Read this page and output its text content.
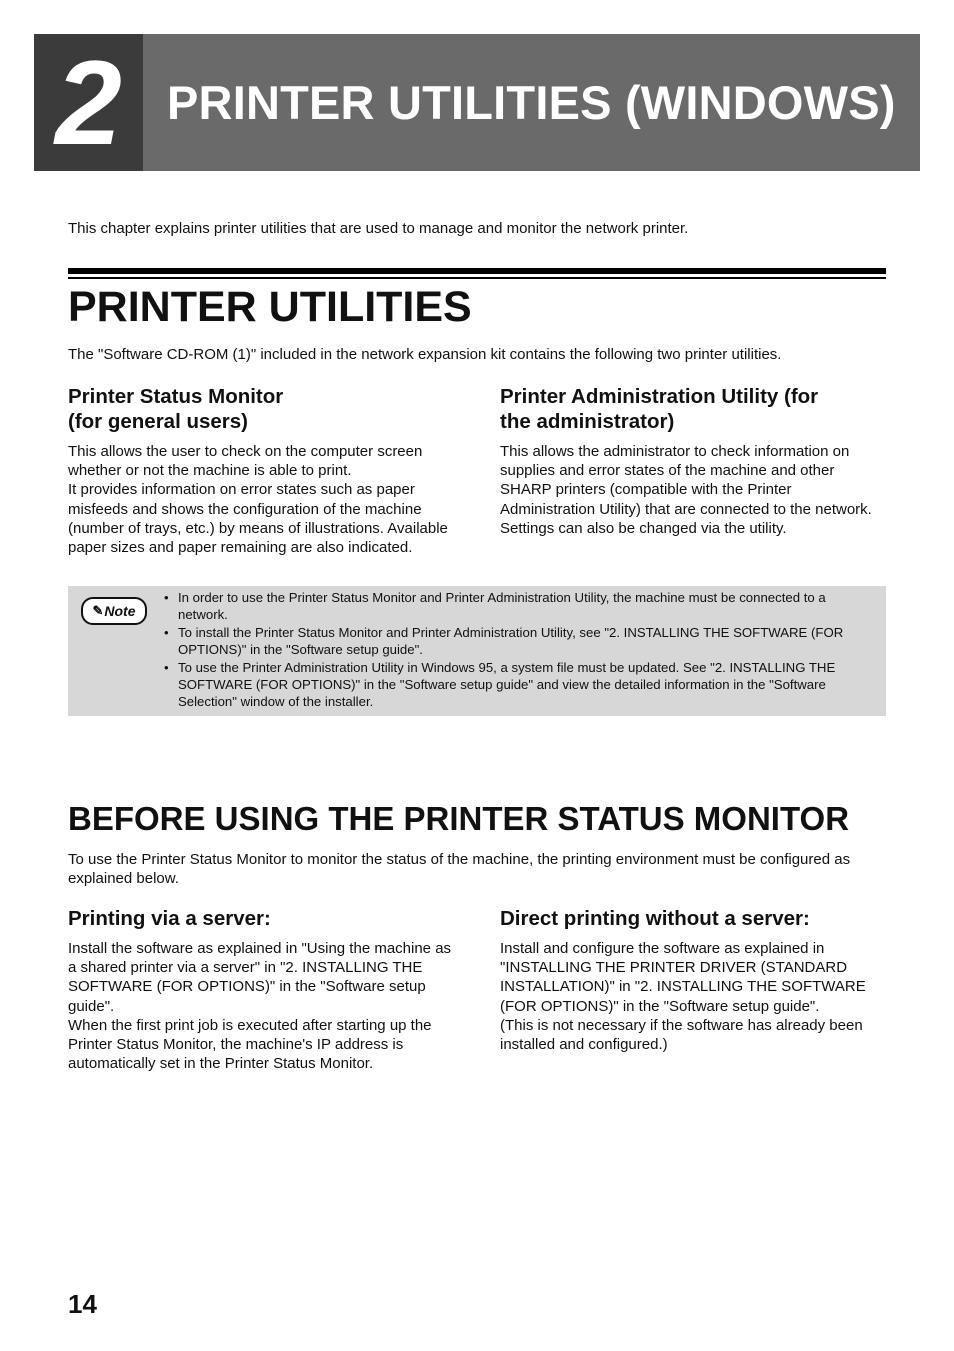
2 PRINTER UTILITIES (WINDOWS)
This chapter explains printer utilities that are used to manage and monitor the network printer.
PRINTER UTILITIES
The "Software CD-ROM (1)" included in the network expansion kit contains the following two printer utilities.
Printer Status Monitor
(for general users)

This allows the user to check on the computer screen whether or not the machine is able to print.

It provides information on error states such as paper misfeeds and shows the configuration of the machine (number of trays, etc.) by means of illustrations. Available paper sizes and paper remaining are also indicated.

Printer Administration Utility (for
the administrator)

This allows the administrator to check information on supplies and error states of the machine and other SHARP printers (compatible with the Printer Administration Utility) that are connected to the network. Settings can also be changed via the utility.

✎ Note
• In order to use the Printer Status Monitor and Printer Administration Utility, the machine must be connected to a network.
• To install the Printer Status Monitor and Printer Administration Utility, see "2. INSTALLING THE SOFTWARE (FOR OPTIONS)" in the "Software setup guide".
• To use the Printer Administration Utility in Windows 95, a system file must be updated. See "2. INSTALLING THE SOFTWARE (FOR OPTIONS)" in the "Software setup guide" and view the detailed information in the "Software Selection" window of the installer.
BEFORE USING THE PRINTER STATUS MONITOR
To use the Printer Status Monitor to monitor the status of the machine, the printing environment must be configured as explained below.
Printing via a server:

Install the software as explained in "Using the machine as a shared printer via a server" in "2. INSTALLING THE SOFTWARE (FOR OPTIONS)" in the "Software setup guide".

When the first print job is executed after starting up the Printer Status Monitor, the machine's IP address is automatically set in the Printer Status Monitor.

Direct printing without a server:

Install and configure the software as explained in "INSTALLING THE PRINTER DRIVER (STANDARD INSTALLATION)" in "2. INSTALLING THE SOFTWARE (FOR OPTIONS)" in the "Software setup guide".

(This is not necessary if the software has already been installed and configured.)

14
